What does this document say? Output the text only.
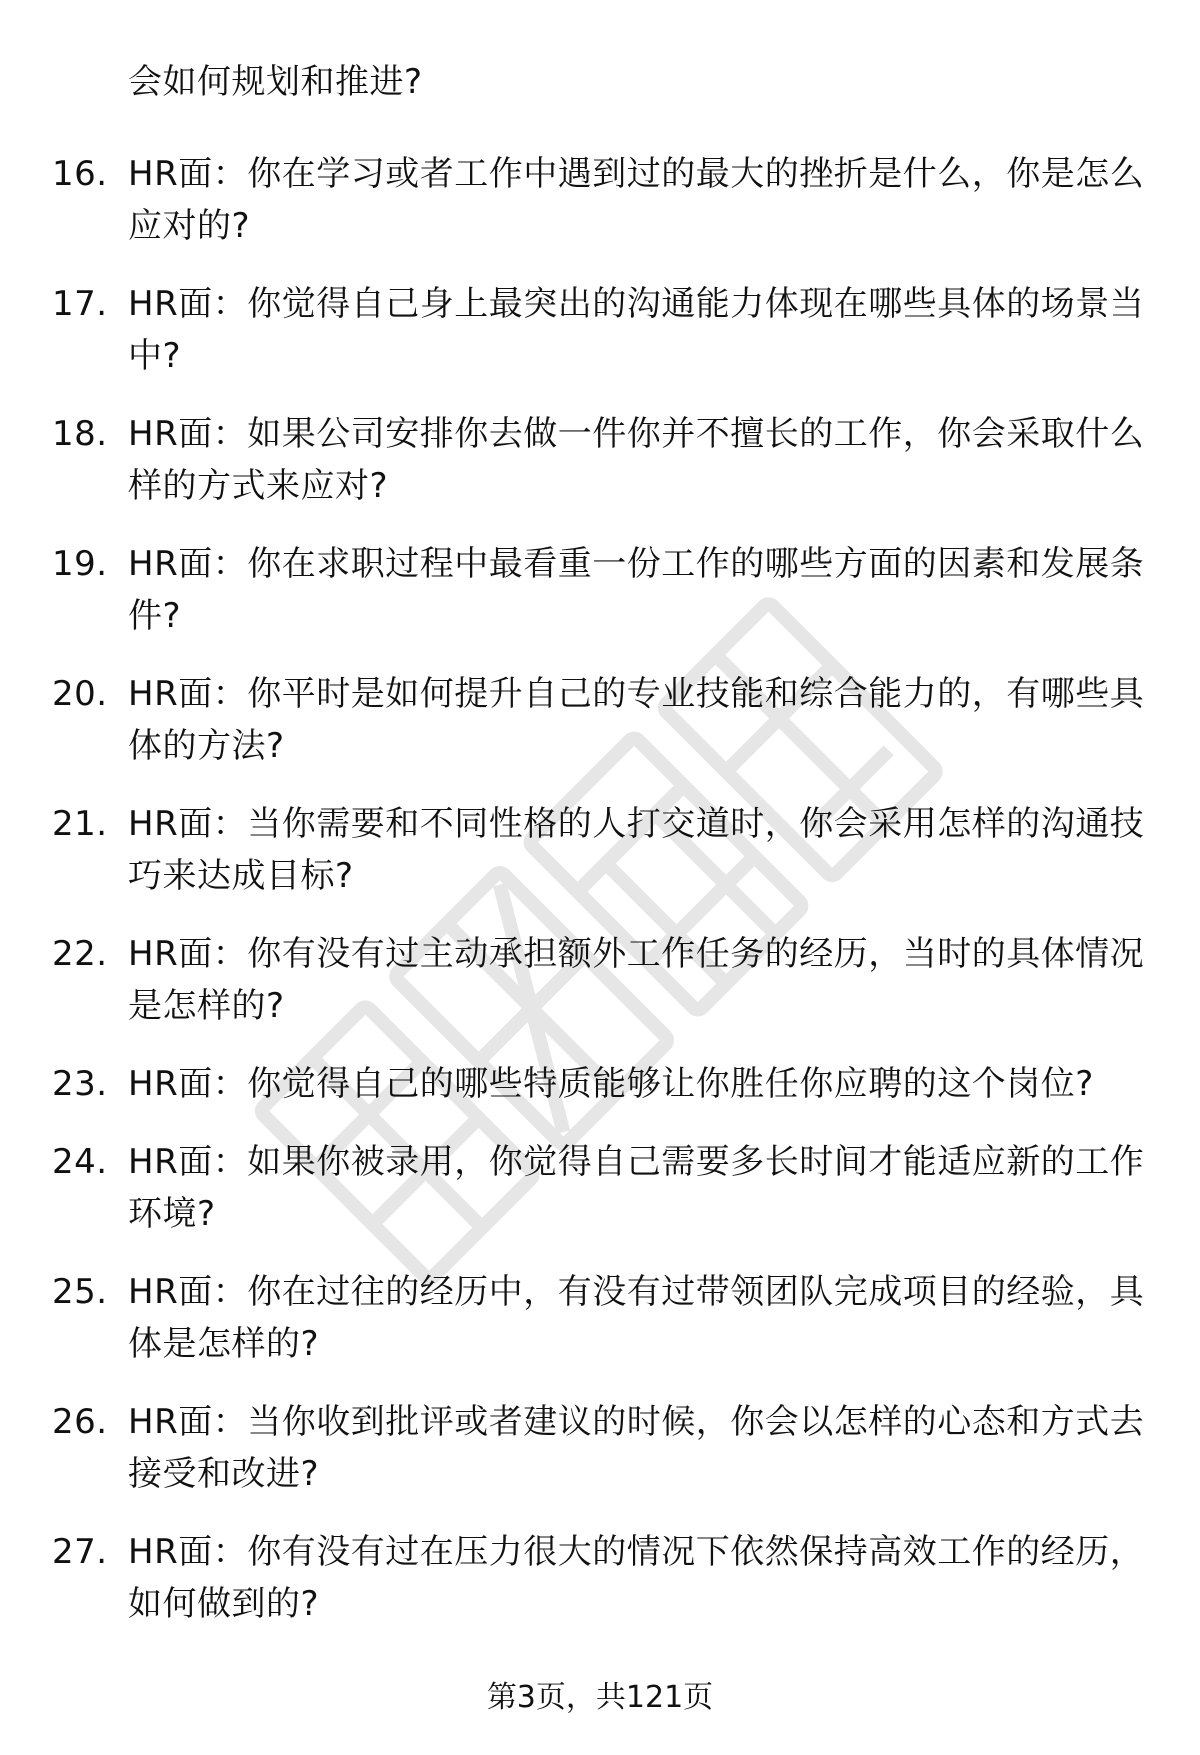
会如何规划和推进?
16. HR面：你在学习或者工作中遇到过的最大的挫折是什么，你是怎么应对的?
17. HR面：你觉得自己身上最突出的沟通能力体现在哪些具体的场景当中?
18. HR面：如果公司安排你去做一件你并不擅长的工作，你会采取什么样的方式来应对?
19. HR面：你在求职过程中最看重一份工作的哪些方面的因素和发展条件?
20. HR面：你平时是如何提升自己的专业技能和综合能力的，有哪些具体的方法?
21. HR面：当你需要和不同性格的人打交道时，你会采用怎样的沟通技巧来达成目标?
22. HR面：你有没有过主动承担额外工作任务的经历，当时的具体情况是怎样的?
23. HR面：你觉得自己的哪些特质能够让你胜任你应聘的这个岗位?
24. HR面：如果你被录用，你觉得自己需要多长时间才能适应新的工作环境?
25. HR面：你在过往的经历中，有没有过带领团队完成项目的经验，具体是怎样的?
26. HR面：当你收到批评或者建议的时候，你会以怎样的心态和方式去接受和改进?
27. HR面：你有没有过在压力很大的情况下依然保持高效工作的经历，如何做到的?
第3页，共121页
